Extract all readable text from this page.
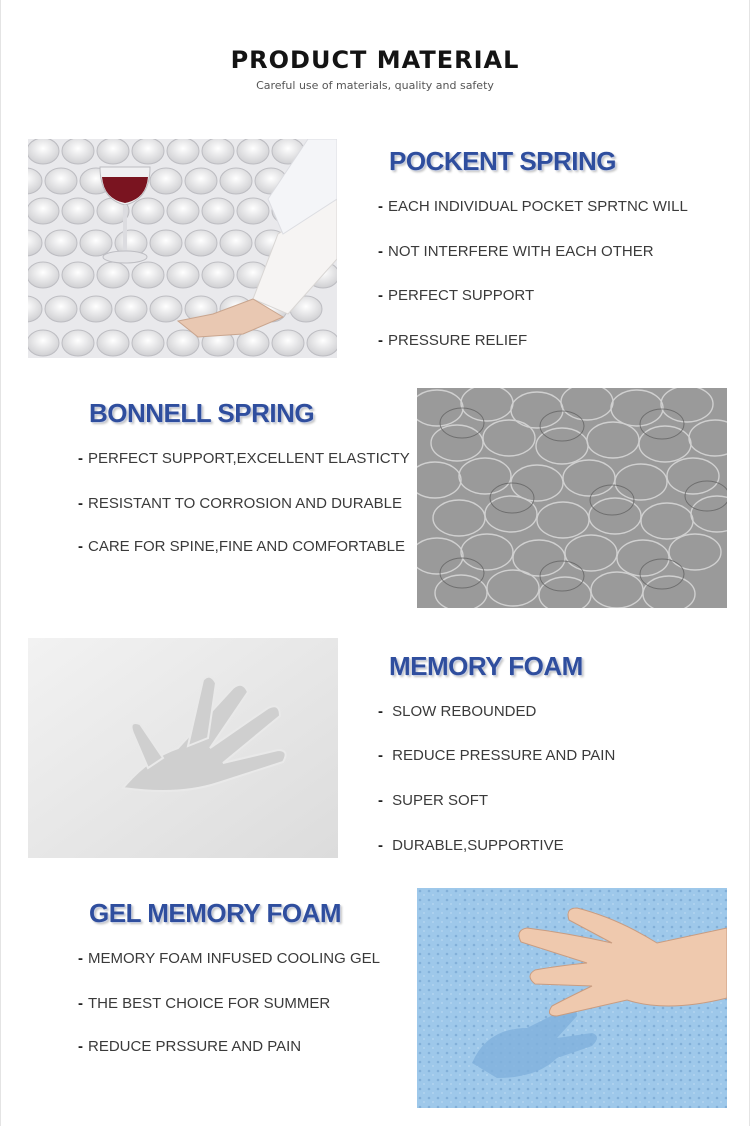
PRODUCT MATERIAL
Careful use of materials, quality and safety
POCKENT SPRING
- EACH INDIVIDUAL POCKET SPRTNC WILL
- NOT INTERFERE WITH EACH OTHER
- PERFECT SUPPORT
- PRESSURE RELIEF
BONNELL SPRING
- PERFECT SUPPORT,EXCELLENT ELASTICTY
- RESISTANT TO CORROSION AND DURABLE
- CARE FOR SPINE,FINE AND COMFORTABLE
MEMORY FOAM
- SLOW REBOUNDED
- REDUCE PRESSURE AND PAIN
- SUPER SOFT
- DURABLE,SUPPORTIVE
GEL MEMORY FOAM
- MEMORY FOAM INFUSED COOLING GEL
- THE BEST CHOICE FOR SUMMER
- REDUCE PRSSURE AND PAIN
